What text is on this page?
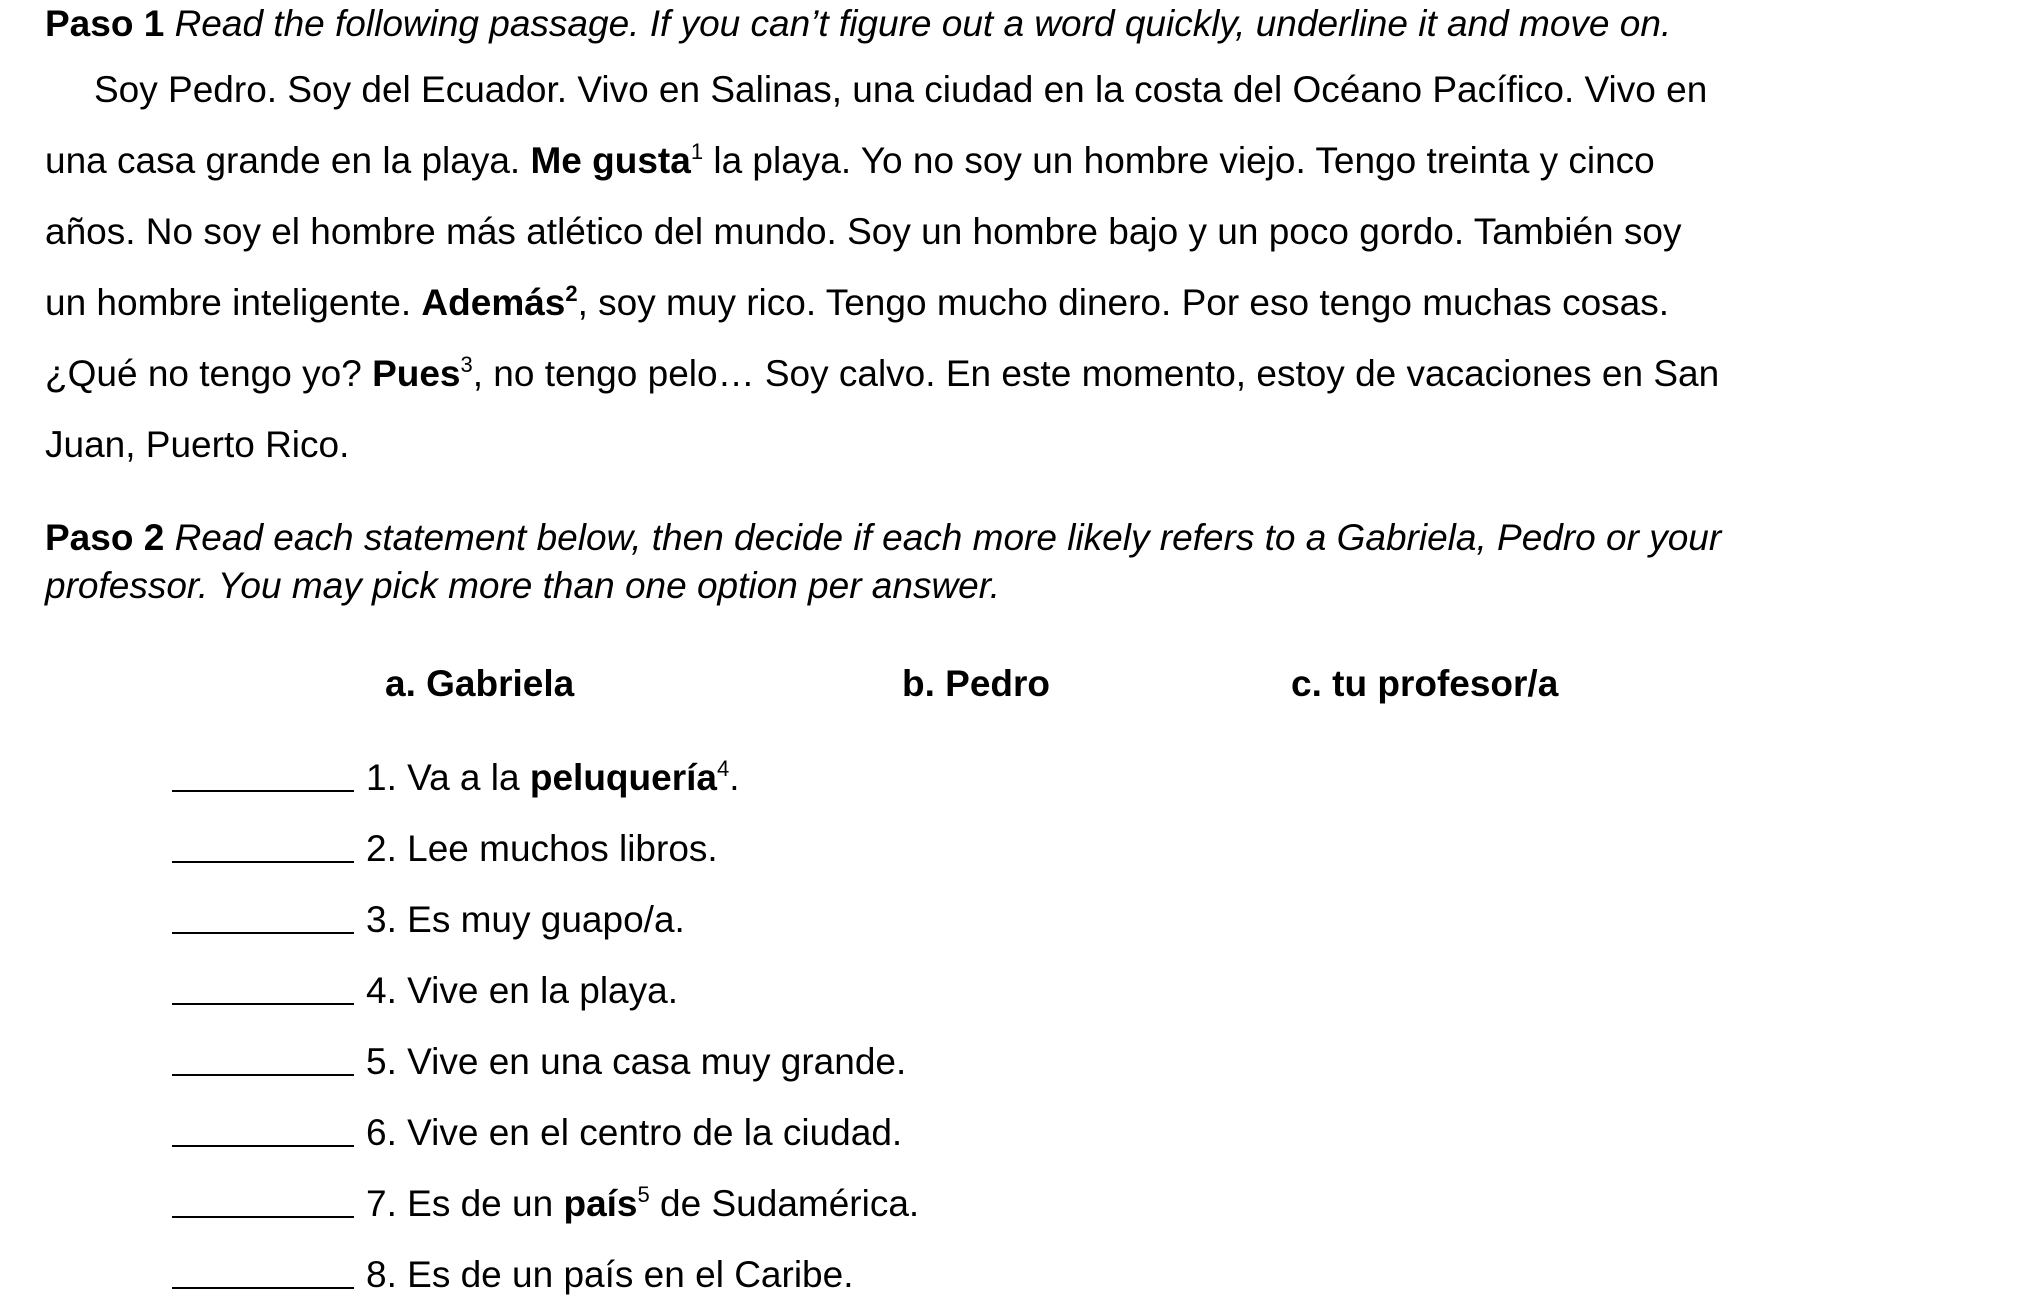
Paso 1 Read the following passage. If you can’t figure out a word quickly, underline it and move on.
Soy Pedro. Soy del Ecuador. Vivo en Salinas, una ciudad en la costa del Océano Pacífico. Vivo en
una casa grande en la playa. Me gusta$^1$ la playa. Yo no soy un hombre viejo. Tengo treinta y cinco
años. No soy el hombre más atlético del mundo. Soy un hombre bajo y un poco gordo. También soy
un hombre inteligente. Además$^2$, soy muy rico. Tengo mucho dinero. Por eso tengo muchas cosas.
¿Qué no tengo yo? Pues$^3$, no tengo pelo… Soy calvo. En este momento, estoy de vacaciones en San
Juan, Puerto Rico.
Paso 2 Read each statement below, then decide if each more likely refers to a Gabriela, Pedro or your
professor. You may pick more than one option per answer.
a. Gabriela	b. Pedro	c. tu profesor/a
1. Va a la peluquería$^4$.
2. Lee muchos libros.
3. Es muy guapo/a.
4. Vive en la playa.
5. Vive en una casa muy grande.
6. Vive en el centro de la ciudad.
7. Es de un país$^5$ de Sudamérica.
8. Es de un país en el Caribe.
